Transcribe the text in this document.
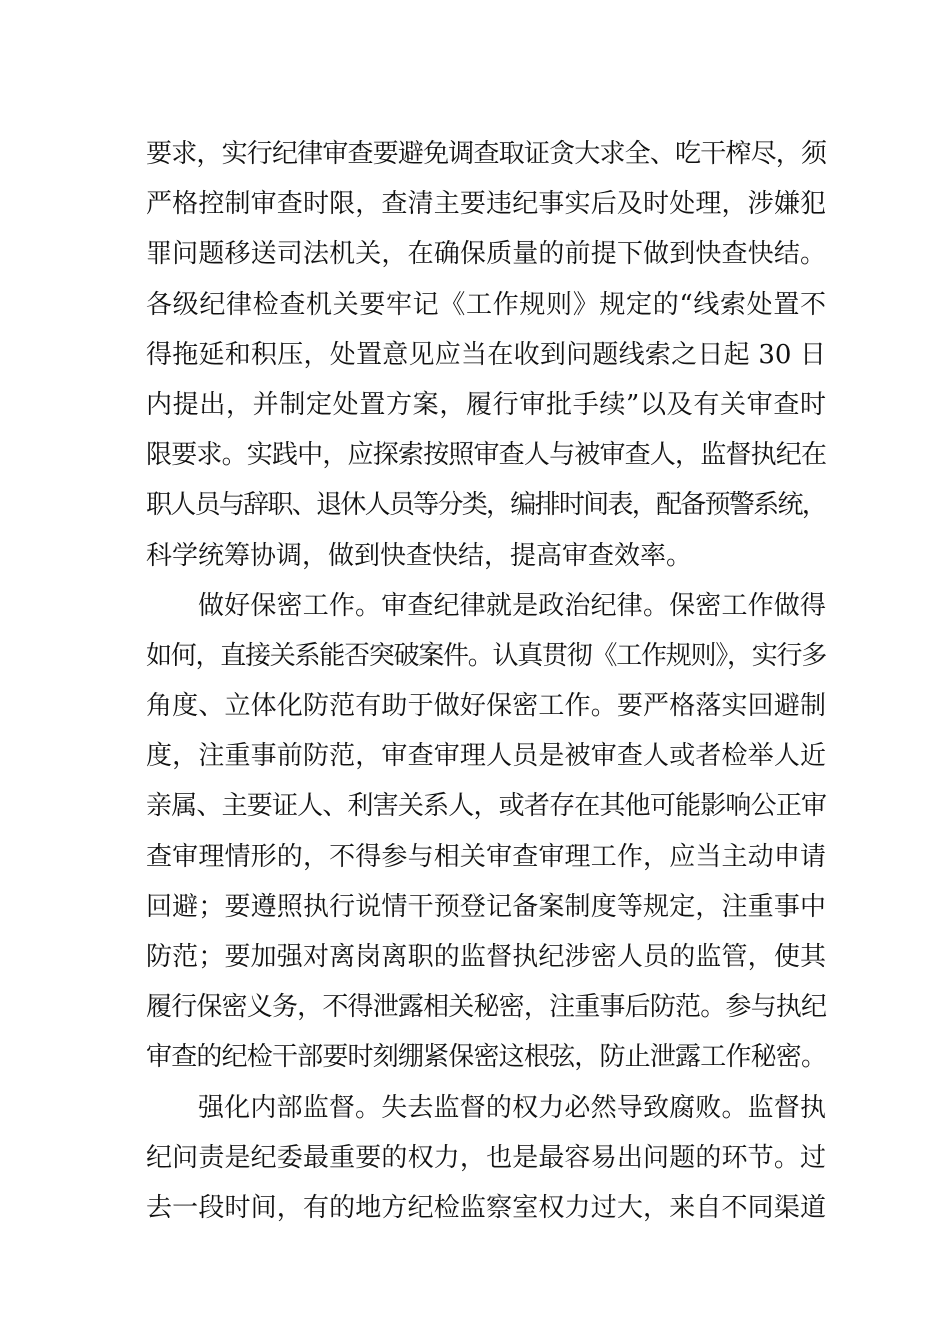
要求，实行纪律审查要避免调查取证贪大求全、吃干榨尽，须
严格控制审查时限，查清主要违纪事实后及时处理，涉嫌犯
罪问题移送司法机关，在确保质量的前提下做到快查快结。
各级纪律检查机关要牢记《工作规则》规定的“线索处置不
得拖延和积压，处置意见应当在收到问题线索之日起 30 日
内提出，并制定处置方案，履行审批手续”以及有关审查时
限要求。实践中，应探索按照审查人与被审查人，监督执纪在
职人员与辞职、退休人员等分类，编排时间表，配备预警系统，
科学统筹协调，做到快查快结，提高审查效率。
做好保密工作。审查纪律就是政治纪律。保密工作做得
如何，直接关系能否突破案件。认真贯彻《工作规则》，实行多
角度、立体化防范有助于做好保密工作。要严格落实回避制
度，注重事前防范，审查审理人员是被审查人或者检举人近
亲属、主要证人、利害关系人，或者存在其他可能影响公正审
查审理情形的，不得参与相关审查审理工作，应当主动申请
回避；要遵照执行说情干预登记备案制度等规定，注重事中
防范；要加强对离岗离职的监督执纪涉密人员的监管，使其
履行保密义务，不得泄露相关秘密，注重事后防范。参与执纪
审查的纪检干部要时刻绷紧保密这根弦，防止泄露工作秘密。
强化内部监督。失去监督的权力必然导致腐败。监督执
纪问责是纪委最重要的权力，也是最容易出问题的环节。过
去一段时间，有的地方纪检监察室权力过大，来自不同渠道
